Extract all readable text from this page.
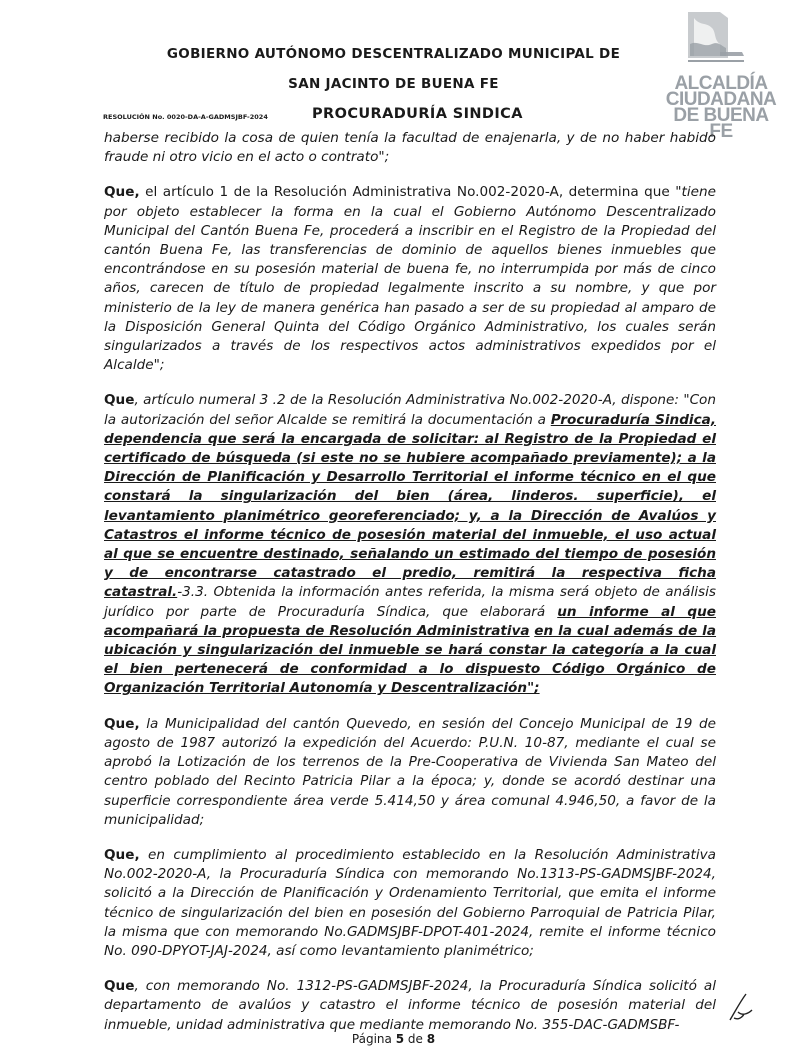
GOBIERNO AUTÓNOMO DESCENTRALIZADO MUNICIPAL DE
SAN JACINTO DE BUENA FE
RESOLUCIÓN No. 0020-DA-A-GADMSJBF-2024	PROCURADURÍA SINDICA
ALCALDÍA
CIUDADANA
DE BUENA FE

haberse recibido la cosa de quien tenía la facultad de enajenarla, y de no haber habido fraude ni otro vicio en el acto o contrato";

Que, el artículo 1 de la Resolución Administrativa No.002-2020-A, determina que "tiene por objeto establecer la forma en la cual el Gobierno Autónomo Descentralizado Municipal del Cantón Buena Fe, procederá a inscribir en el Registro de la Propiedad del cantón Buena Fe, las transferencias de dominio de aquellos bienes inmuebles que encontrándose en su posesión material de buena fe, no interrumpida por más de cinco años, carecen de título de propiedad legalmente inscrito a su nombre, y que por ministerio de la ley de manera genérica han pasado a ser de su propiedad al amparo de la Disposición General Quinta del Código Orgánico Administrativo, los cuales serán singularizados a través de los respectivos actos administrativos expedidos por el Alcalde";

Que, artículo numeral 3 .2 de la Resolución Administrativa No.002-2020-A, dispone: "Con la autorización del señor Alcalde se remitirá la documentación a Procuraduría Sindica, dependencia que será la encargada de solicitar: al Registro de la Propiedad el certificado de búsqueda (si este no se hubiere acompañado previamente); a la Dirección de Planificación y Desarrollo Territorial el informe técnico en el que constará la singularización del bien (área, linderos. superficie), el levantamiento planimétrico georeferenciado; y, a la Dirección de Avalúos y Catastros el informe técnico de posesión material del inmueble, el uso actual al que se encuentre destinado, señalando un estimado del tiempo de posesión y de encontrarse catastrado el predio, remitirá la respectiva ficha catastral.-3.3. Obtenida la información antes referida, la misma será objeto de análisis jurídico por parte de Procuraduría Síndica, que elaborará un informe al que acompañará la propuesta de Resolución Administrativa en la cual además de la ubicación y singularización del inmueble se hará constar la categoría a la cual el bien pertenecerá de conformidad a lo dispuesto Código Orgánico de Organización Territorial Autonomía y Descentralización";

Que, la Municipalidad del cantón Quevedo, en sesión del Concejo Municipal de 19 de agosto de 1987 autorizó la expedición del Acuerdo: P.U.N. 10-87, mediante el cual se aprobó la Lotización de los terrenos de la Pre-Cooperativa de Vivienda San Mateo del centro poblado del Recinto Patricia Pilar a la época; y, donde se acordó destinar una superficie correspondiente área verde 5.414,50 y área comunal 4.946,50, a favor de la municipalidad;

Que, en cumplimiento al procedimiento establecido en la Resolución Administrativa No.002-2020-A, la Procuraduría Síndica con memorando No.1313-PS-GADMSJBF-2024, solicitó a la Dirección de Planificación y Ordenamiento Territorial, que emita el informe técnico de singularización del bien en posesión del Gobierno Parroquial de Patricia Pilar, la misma que con memorando No.GADMSJBF-DPOT-401-2024, remite el informe técnico No. 090-DPYOT-JAJ-2024, así como levantamiento planimétrico;

Que, con memorando No. 1312-PS-GADMSJBF-2024, la Procuraduría Síndica solicitó al departamento de avalúos y catastro el informe técnico de posesión material del inmueble, unidad administrativa que mediante memorando No. 355-DAC-GADMSBF-

Página 5 de 8
